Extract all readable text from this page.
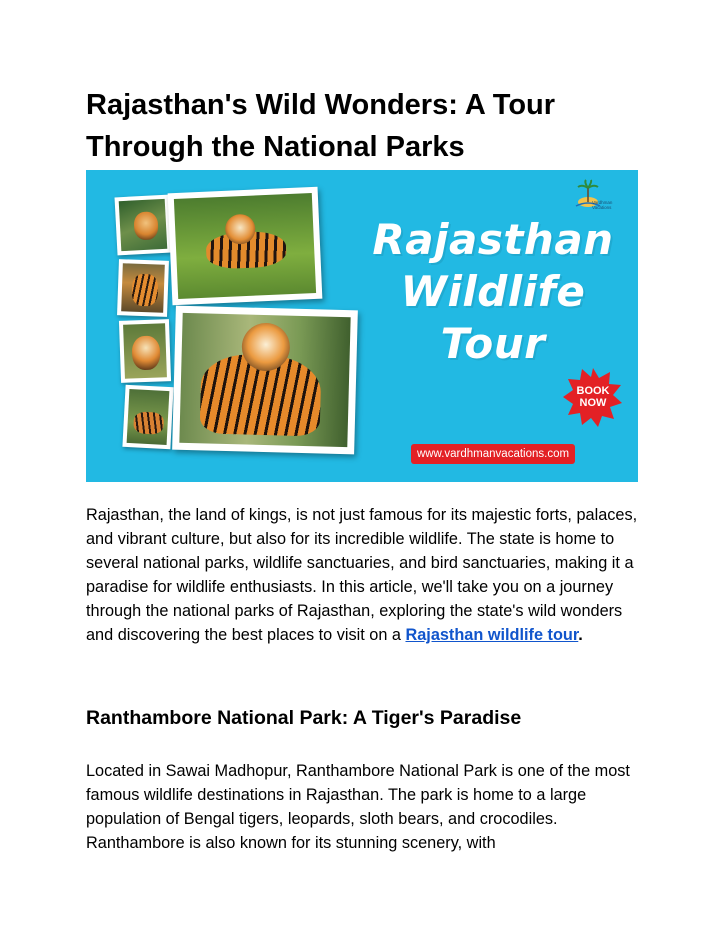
Rajasthan's Wild Wonders: A Tour Through the National Parks
Vardhman Vacations
Rajasthan
Wildlife
Tour
BOOK
NOW
www.vardhmanvacations.com

Rajasthan, the land of kings, is not just famous for its majestic forts, palaces, and vibrant culture, but also for its incredible wildlife. The state is home to several national parks, wildlife sanctuaries, and bird sanctuaries, making it a paradise for wildlife enthusiasts. In this article, we'll take you on a journey through the national parks of Rajasthan, exploring the state's wild wonders and discovering the best places to visit on a Rajasthan wildlife tour.

Ranthambore National Park: A Tiger's Paradise

Located in Sawai Madhopur, Ranthambore National Park is one of the most famous wildlife destinations in Rajasthan. The park is home to a large population of Bengal tigers, leopards, sloth bears, and crocodiles. Ranthambore is also known for its stunning scenery, with
